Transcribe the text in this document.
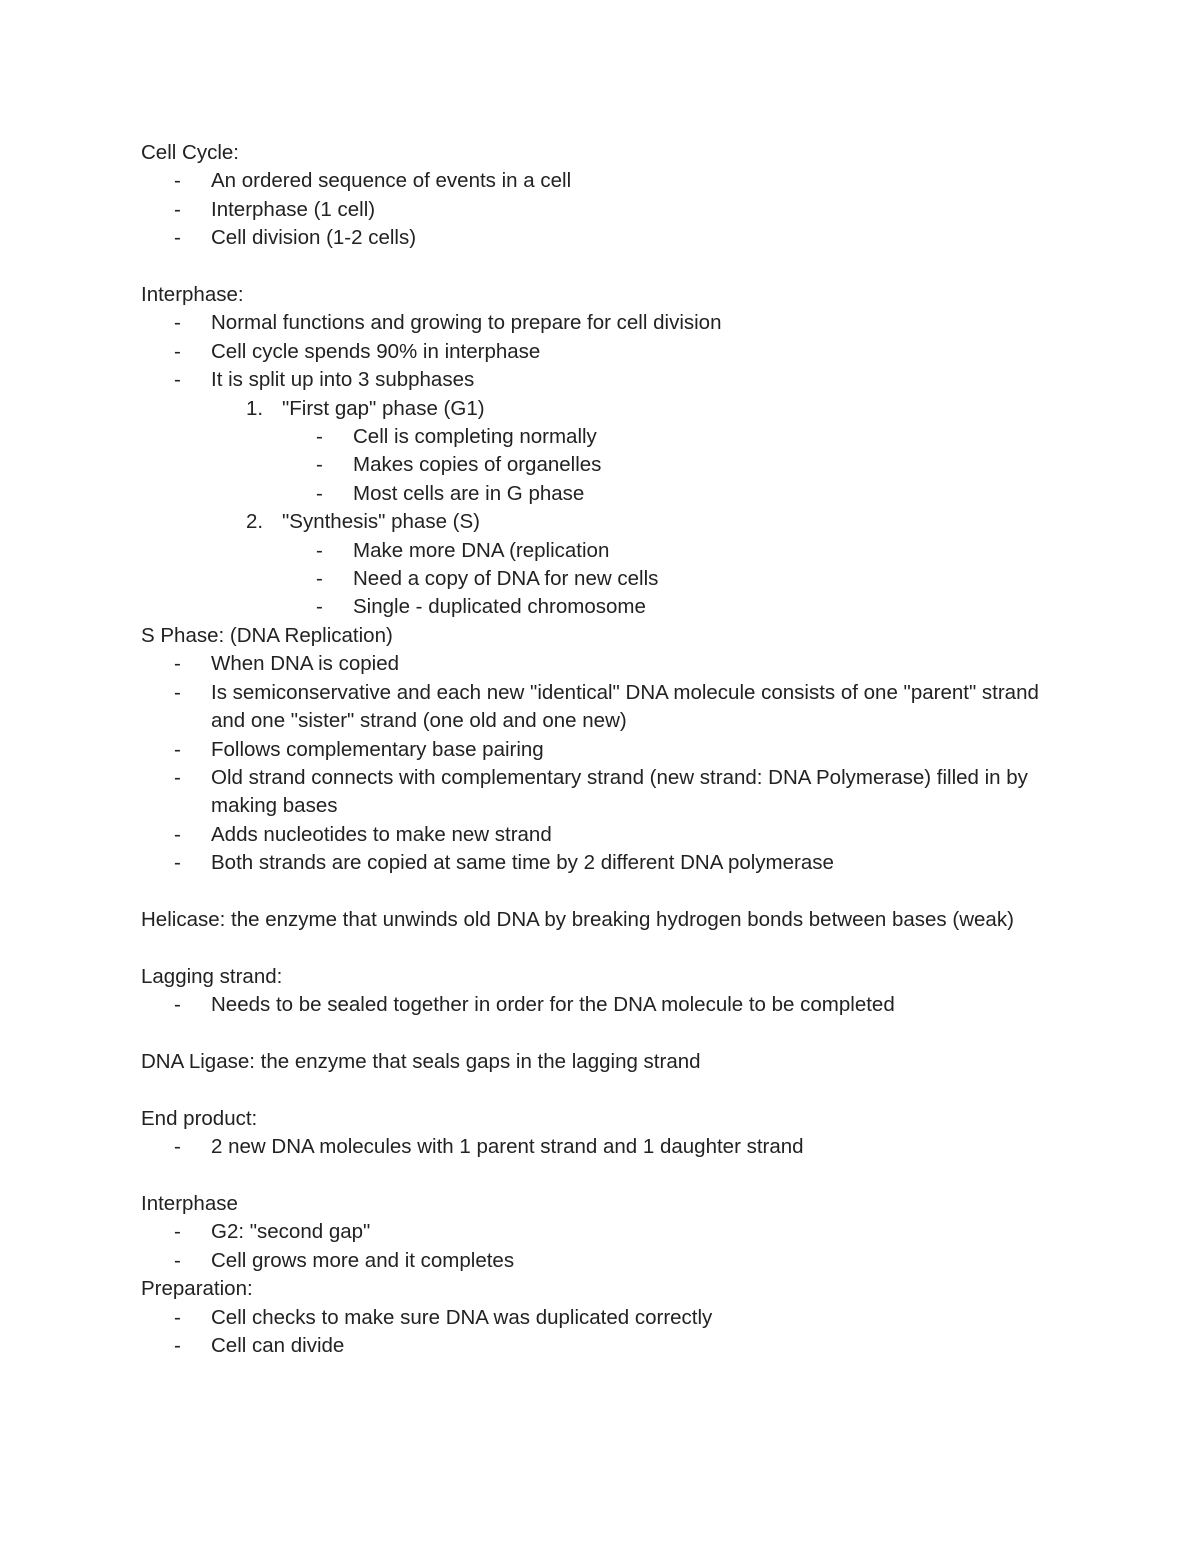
Cell Cycle:
- An ordered sequence of events in a cell
- Interphase (1 cell)
- Cell division (1-2 cells)
Interphase:
- Normal functions and growing to prepare for cell division
- Cell cycle spends 90% in interphase
- It is split up into 3 subphases
1. "First gap" phase (G1)
- Cell is completing normally
- Makes copies of organelles
- Most cells are in G phase
2. "Synthesis" phase (S)
- Make more DNA (replication
- Need a copy of DNA for new cells
- Single - duplicated chromosome
S Phase: (DNA Replication)
- When DNA is copied
- Is semiconservative and each new "identical" DNA molecule consists of one "parent" strand and one "sister" strand (one old and one new)
- Follows complementary base pairing
- Old strand connects with complementary strand (new strand: DNA Polymerase) filled in by making bases
- Adds nucleotides to make new strand
- Both strands are copied at same time by 2 different DNA polymerase
Helicase: the enzyme that unwinds old DNA by breaking hydrogen bonds between bases (weak)
Lagging strand:
- Needs to be sealed together in order for the DNA molecule to be completed
DNA Ligase: the enzyme that seals gaps in the lagging strand
End product:
- 2 new DNA molecules with 1 parent strand and 1 daughter strand
Interphase
- G2: "second gap"
- Cell grows more and it completes
Preparation:
- Cell checks to make sure DNA was duplicated correctly
- Cell can divide
